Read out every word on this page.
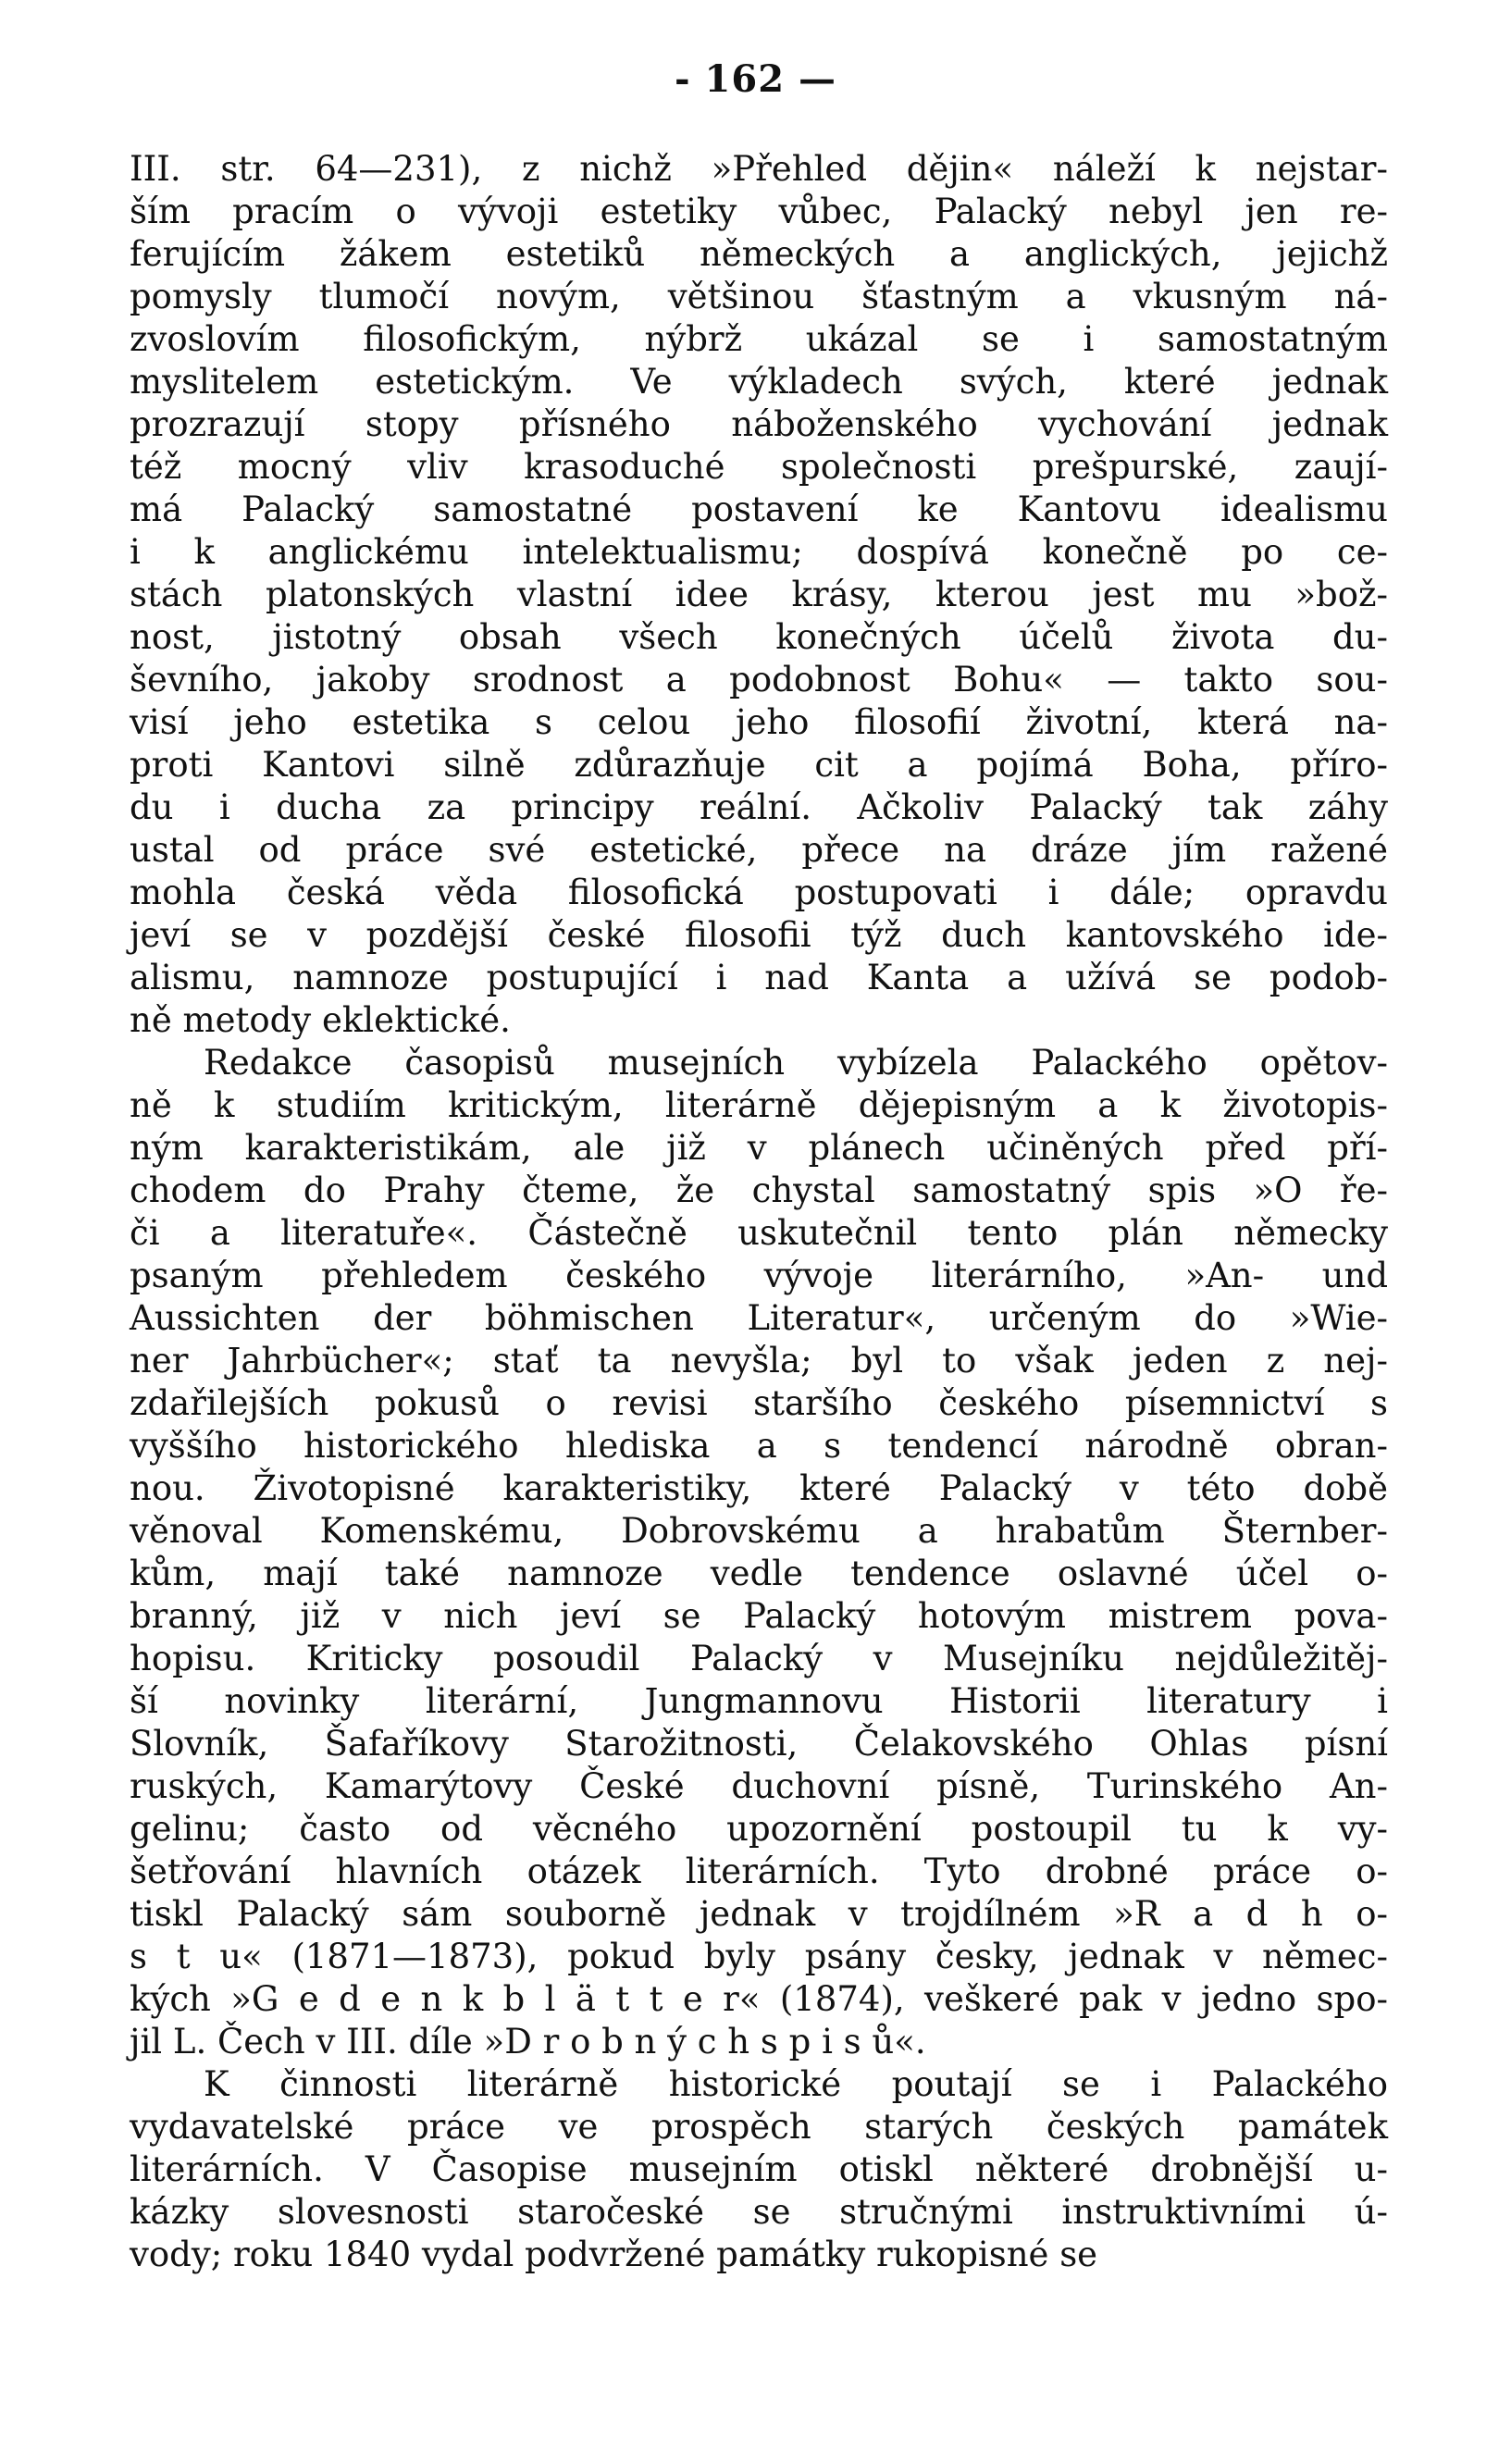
- 162 —
III. str. 64—231), z nichž »Přehled dějin« náleží k nejstar-
ším pracím o vývoji estetiky vůbec, Palacký nebyl jen re-
ferujícím žákem estetiků německých a anglických, jejichž
pomysly tlumočí novým, většinou šťastným a vkusným ná-
zvoslovím filosofickým, nýbrž ukázal se i samostatným
myslitelem estetickým. Ve výkladech svých, které jednak
prozrazují stopy přísného náboženského vychování jednak
též mocný vliv krasoduché společnosti prešpurské, zaují-
má Palacký samostatné postavení ke Kantovu idealismu
i k anglickému intelektualismu; dospívá konečně po ce-
stách platonských vlastní idee krásy, kterou jest mu »bož-
nost, jistotný obsah všech konečných účelů života du-
ševního, jakoby srodnost a podobnost Bohu« — takto sou-
visí jeho estetika s celou jeho filosofií životní, která na-
proti Kantovi silně zdůrazňuje cit a pojímá Boha, příro-
du i ducha za principy reální. Ačkoliv Palacký tak záhy
ustal od práce své estetické, přece na dráze jím ražené
mohla česká věda filosofická postupovati i dále; opravdu
jeví se v pozdější české filosofii týž duch kantovského ide-
alismu, namnoze postupující i nad Kanta a užívá se podob-
ně metody eklektické.
Redakce časopisů musejních vybízela Palackého opětov-
ně k studiím kritickým, literárně dějepisným a k životopis-
ným karakteristikám, ale již v plánech učiněných před pří-
chodem do Prahy čteme, že chystal samostatný spis »O ře-
či a literatuře«. Částečně uskutečnil tento plán německy
psaným přehledem českého vývoje literárního, »An- und
Aussichten der böhmischen Literatur«, určeným do »Wie-
ner Jahrbücher«; stať ta nevyšla; byl to však jeden z nej-
zdařilejších pokusů o revisi staršího českého písemnictví s
vyššího historického hlediska a s tendencí národně obran-
nou. Životopisné karakteristiky, které Palacký v této době
věnoval Komenskému, Dobrovskému a hrabatům Šternber-
kům, mají také namnoze vedle tendence oslavné účel o-
branný, již v nich jeví se Palacký hotovým mistrem pova-
hopisu. Kriticky posoudil Palacký v Musejníku nejdůležitěj-
ší novinky literární, Jungmannovu Historii literatury i
Slovník, Šafaříkovy Starožitnosti, Čelakovského Ohlas písní
ruských, Kamarýtovy České duchovní písně, Turinského An-
gelinu; často od věcného upozornění postoupil tu k vy-
šetřování hlavních otázek literárních. Tyto drobné práce o-
tiskl Palacký sám souborně jednak v trojdílném »R a d h o-
s t u« (1871—1873), pokud byly psány česky, jednak v němec-
kých »G e d e n k b l ä t t e r« (1874), veškeré pak v jedno spo-
jil L. Čech v III. díle »D r o b n ý c h s p i s ů«.
K činnosti literárně historické poutají se i Palackého
vydavatelské práce ve prospěch starých českých památek
literárních. V Časopise musejním otiskl některé drobnější u-
kázky slovesnosti staročeské se stručnými instruktivními ú-
vody; roku 1840 vydal podvržené památky rukopisné se
